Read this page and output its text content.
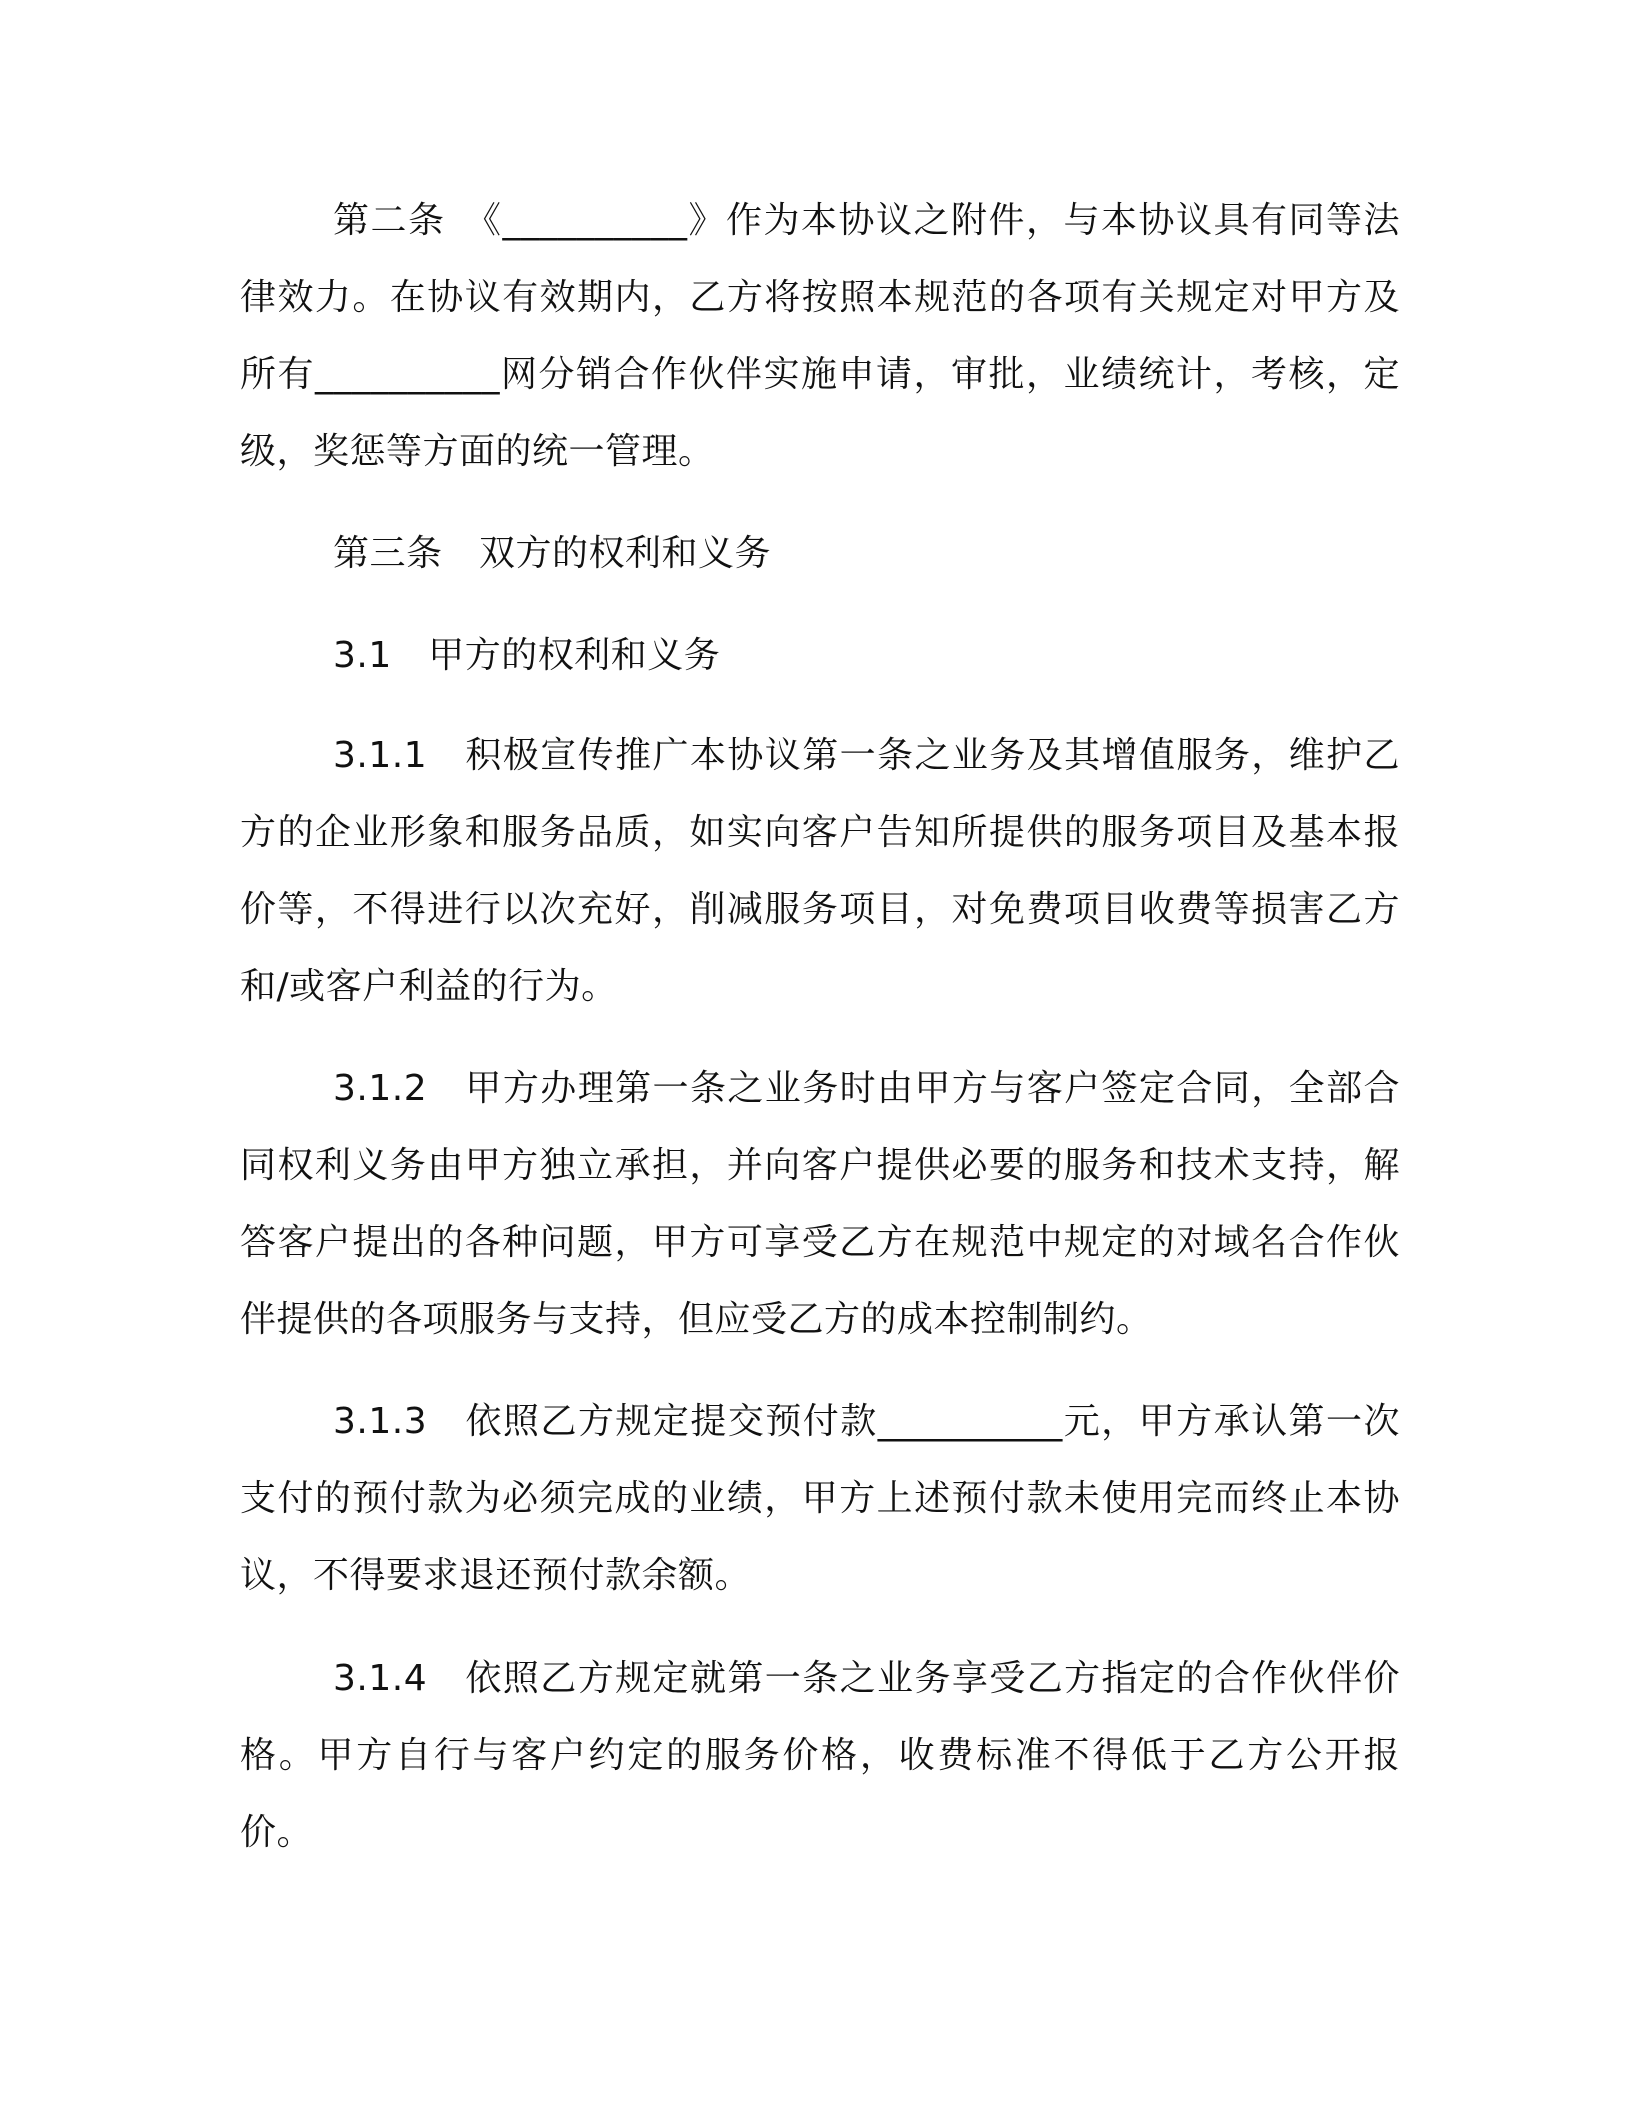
第二条　《__________》作为本协议之附件，与本协议具有同等法律效力。在协议有效期内，乙方将按照本规范的各项有关规定对甲方及所有__________网分销合作伙伴实施申请，审批，业绩统计，考核，定级，奖惩等方面的统一管理。

第三条　双方的权利和义务

3.1　甲方的权利和义务

3.1.1　积极宣传推广本协议第一条之业务及其增值服务，维护乙方的企业形象和服务品质，如实向客户告知所提供的服务项目及基本报价等，不得进行以次充好，削减服务项目，对免费项目收费等损害乙方和/或客户利益的行为。

3.1.2　甲方办理第一条之业务时由甲方与客户签定合同，全部合同权利义务由甲方独立承担，并向客户提供必要的服务和技术支持，解答客户提出的各种问题，甲方可享受乙方在规范中规定的对域名合作伙伴提供的各项服务与支持，但应受乙方的成本控制制约。

3.1.3　依照乙方规定提交预付款__________元，甲方承认第一次支付的预付款为必须完成的业绩，甲方上述预付款未使用完而终止本协议，不得要求退还预付款余额。

3.1.4　依照乙方规定就第一条之业务享受乙方指定的合作伙伴价格。甲方自行与客户约定的服务价格，收费标准不得低于乙方公开报价。
